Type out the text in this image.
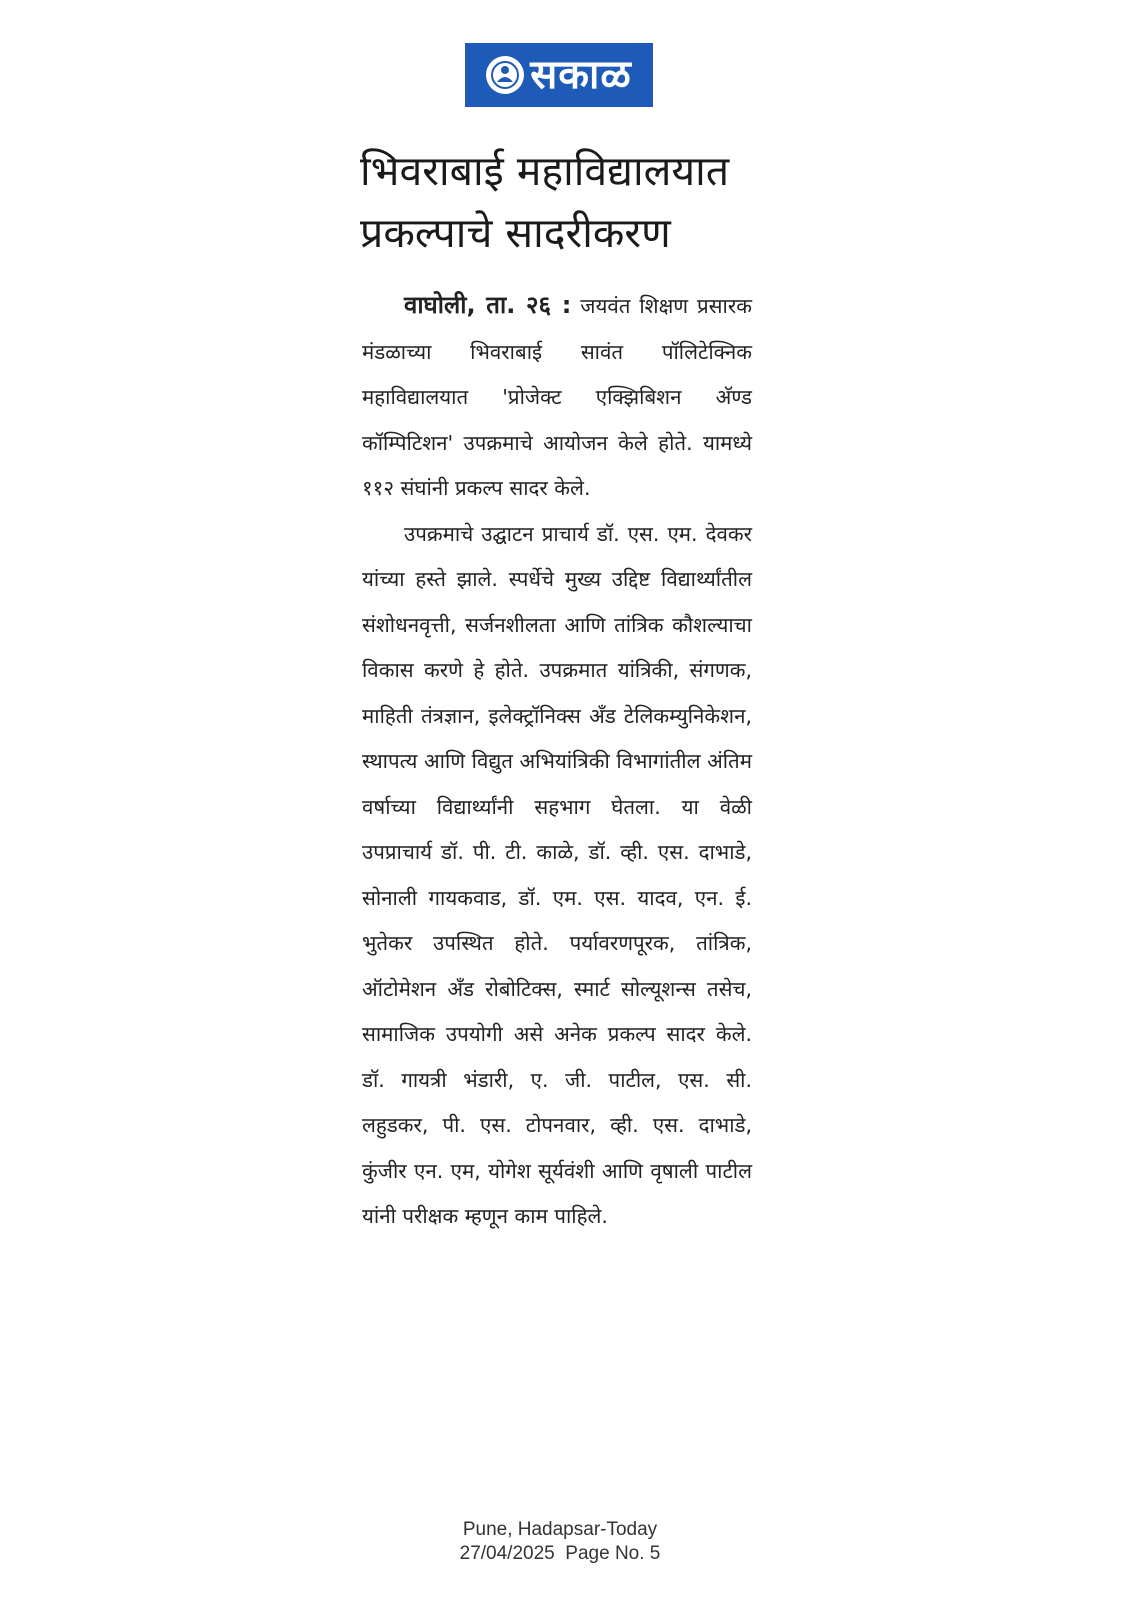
सकाळ
भिवराबाई महाविद्यालयात
प्रकल्पाचे सादरीकरण

वाघोली, ता. २६ : जयवंत शिक्षण प्रसारक मंडळाच्या भिवराबाई सावंत पॉलिटेक्निक महाविद्यालयात 'प्रोजेक्ट एक्झिबिशन अ‍ॅण्ड कॉम्पिटिशन' उपक्रमाचे आयोजन केले होते. यामध्ये ११२ संघांनी प्रकल्प सादर केले.

उपक्रमाचे उद्घाटन प्राचार्य डॉ. एस. एम. देवकर यांच्या हस्ते झाले. स्पर्धेचे मुख्य उद्दिष्ट विद्यार्थ्यांतील संशोधनवृत्ती, सर्जनशीलता आणि तांत्रिक कौशल्याचा विकास करणे हे होते. उपक्रमात यांत्रिकी, संगणक, माहिती तंत्रज्ञान, इलेक्ट्रॉनिक्स अँड टेलिकम्युनिकेशन, स्थापत्य आणि विद्युत अभियांत्रिकी विभागांतील अंतिम वर्षाच्या विद्यार्थ्यांनी सहभाग घेतला. या वेळी उपप्राचार्य डॉ. पी. टी. काळे, डॉ. व्ही. एस. दाभाडे, सोनाली गायकवाड, डॉ. एम. एस. यादव, एन. ई. भुतेकर उपस्थित होते. पर्यावरणपूरक, तांत्रिक, ऑटोमेशन अँड रोबोटिक्स, स्मार्ट सोल्यूशन्स तसेच, सामाजिक उपयोगी असे अनेक प्रकल्प सादर केले. डॉ. गायत्री भंडारी, ए. जी. पाटील, एस. सी. लहुडकर, पी. एस. टोपनवार, व्ही. एस. दाभाडे, कुंजीर एन. एम, योगेश सूर्यवंशी आणि वृषाली पाटील यांनी परीक्षक म्हणून काम पाहिले.

Pune, Hadapsar-Today
27/04/2025  Page No. 5
